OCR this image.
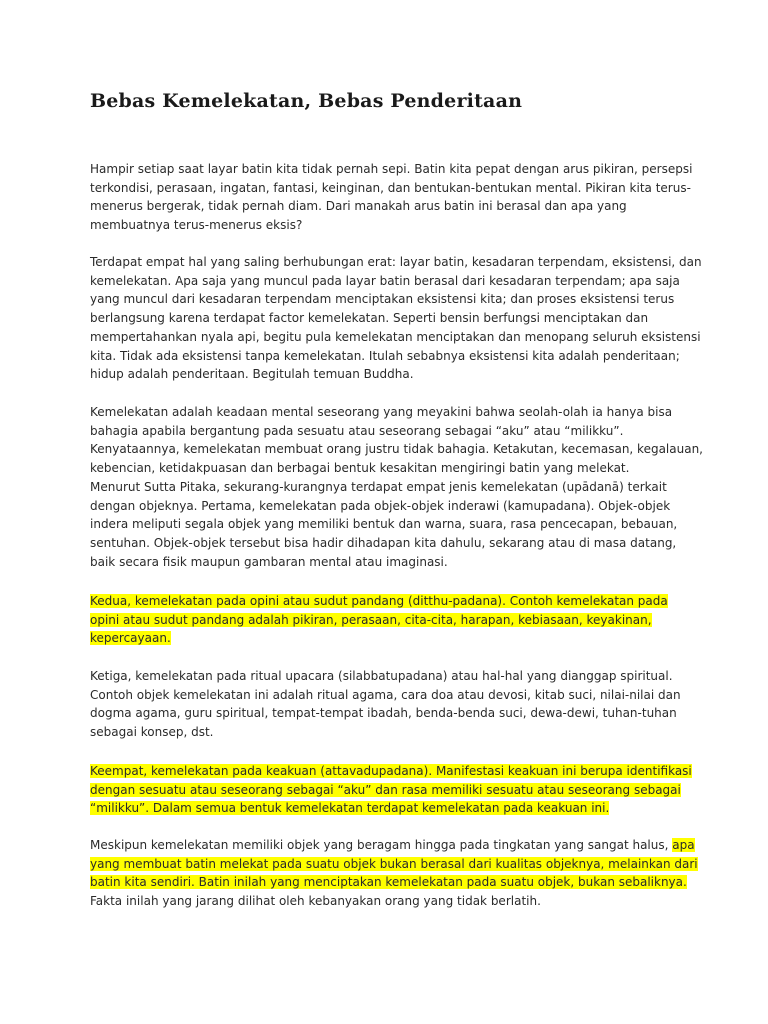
Bebas Kemelekatan, Bebas Penderitaan

Hampir setiap saat layar batin kita tidak pernah sepi. Batin kita pepat dengan arus pikiran, persepsi
terkondisi, perasaan, ingatan, fantasi, keinginan, dan bentukan-bentukan mental. Pikiran kita terus-
menerus bergerak, tidak pernah diam. Dari manakah arus batin ini berasal dan apa yang
membuatnya terus-menerus eksis?

Terdapat empat hal yang saling berhubungan erat: layar batin, kesadaran terpendam, eksistensi, dan
kemelekatan. Apa saja yang muncul pada layar batin berasal dari kesadaran terpendam; apa saja
yang muncul dari kesadaran terpendam menciptakan eksistensi kita; dan proses eksistensi terus
berlangsung karena terdapat factor kemelekatan. Seperti bensin berfungsi menciptakan dan
mempertahankan nyala api, begitu pula kemelekatan menciptakan dan menopang seluruh eksistensi
kita. Tidak ada eksistensi tanpa kemelekatan. Itulah sebabnya eksistensi kita adalah penderitaan;
hidup adalah penderitaan. Begitulah temuan Buddha.

Kemelekatan adalah keadaan mental seseorang yang meyakini bahwa seolah-olah ia hanya bisa
bahagia apabila bergantung pada sesuatu atau seseorang sebagai “aku” atau “milikku”.
Kenyataannya, kemelekatan membuat orang justru tidak bahagia. Ketakutan, kecemasan, kegalauan,
kebencian, ketidakpuasan dan berbagai bentuk kesakitan mengiringi batin yang melekat.
Menurut Sutta Pitaka, sekurang-kurangnya terdapat empat jenis kemelekatan (upādanā) terkait
dengan objeknya. Pertama, kemelekatan pada objek-objek inderawi (kamupadana). Objek-objek
indera meliputi segala objek yang memiliki bentuk dan warna, suara, rasa pencecapan, bebauan,
sentuhan. Objek-objek tersebut bisa hadir dihadapan kita dahulu, sekarang atau di masa datang,
baik secara fisik maupun gambaran mental atau imaginasi.

Kedua, kemelekatan pada opini atau sudut pandang (ditthu-padana). Contoh kemelekatan pada
opini atau sudut pandang adalah pikiran, perasaan, cita-cita, harapan, kebiasaan, keyakinan,
kepercayaan.

Ketiga, kemelekatan pada ritual upacara (silabbatupadana) atau hal-hal yang dianggap spiritual.
Contoh objek kemelekatan ini adalah ritual agama, cara doa atau devosi, kitab suci, nilai-nilai dan
dogma agama, guru spiritual, tempat-tempat ibadah, benda-benda suci, dewa-dewi, tuhan-tuhan
sebagai konsep, dst.

Keempat, kemelekatan pada keakuan (attavadupadana). Manifestasi keakuan ini berupa identifikasi
dengan sesuatu atau seseorang sebagai “aku” dan rasa memiliki sesuatu atau seseorang sebagai
“milikku”. Dalam semua bentuk kemelekatan terdapat kemelekatan pada keakuan ini.

Meskipun kemelekatan memiliki objek yang beragam hingga pada tingkatan yang sangat halus, apa
yang membuat batin melekat pada suatu objek bukan berasal dari kualitas objeknya, melainkan dari
batin kita sendiri. Batin inilah yang menciptakan kemelekatan pada suatu objek, bukan sebaliknya.
Fakta inilah yang jarang dilihat oleh kebanyakan orang yang tidak berlatih.
